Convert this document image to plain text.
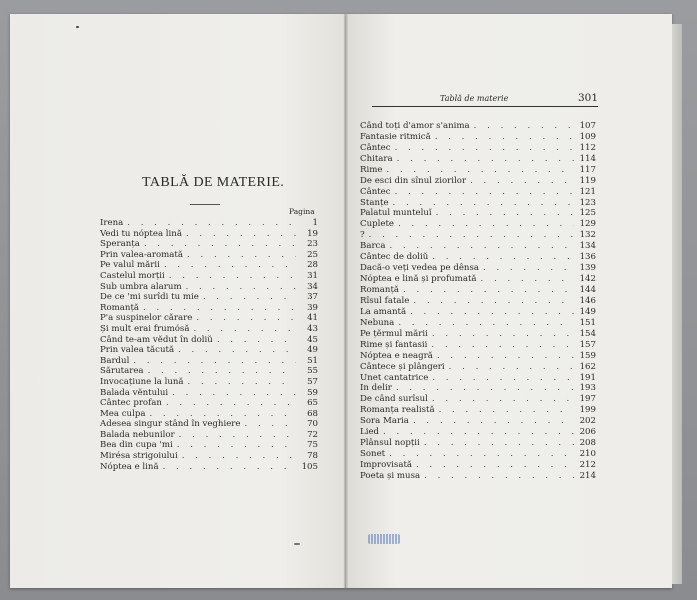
TABLĂ DE MATERIE.
Pagina
Irena . . .	1
Vedi tu nóptea lină . . .	19
Speranța . . .	23
Prin valea-aromată . . .	25
Pe valul mării . . .	28
Castelul morții . . .	31
Sub umbra alarum . . .	34
De ce 'mi surîdi tu mie . . .	37
Romanță . . .	39
P'a suspinelor cărare . . .	41
Și mult erai frumósă . . .	43
Când te-am vĕdut în doliŭ . . .	45
Prin valea tăcută . . .	49
Bardul . . .	51
Sărutarea . . .	55
Invocațiune la lună . . .	57
Balada vĕntului . . .	59
Cântec profan . . .	65
Mea culpa . . .	68
Adesea singur stând în veghiere . . .	70
Balada nebunilor . . .	72
Bea din cupa 'mi . . .	75
Mirésa strigoiului . . .	78
Nóptea e lină . . .	105
Tablă de materie	301
Când toți d'amor s'anima . . .	107
Fantasie ritmică . . .	109
Cântec . . .	112
Chitara . . .	114
Rime . . .	117
De esci din sînul ziorilor . . .	119
Cântec . . .	121
Stanțe . . .	123
Palatul munteluĭ . . .	125
Cuplete . . .	129
? . . .	132
Barca . . .	134
Cântec de doliŭ . . .	136
Dacă-o veți vedea pe dênsa . . .	139
Nóptea e lină și profumată . . .	142
Romanță . . .	144
Rîsul fatale . . .	146
La amantă . . .	149
Nebuna . . .	151
Pe țĕrmul mării . . .	154
Rime și fantasii . . .	157
Nóptea e neagră . . .	159
Cântece și plângeri . . .	162
Unet cantatrice . . .	191
In delir . . .	193
De când surîsul . . .	197
Romanța realistă . . .	199
Sora Maria . . .	202
Lied . . .	206
Plânsul nopții . . .	208
Sonet . . .	210
Improvisată . . .	212
Poeta și musa . . .	214
